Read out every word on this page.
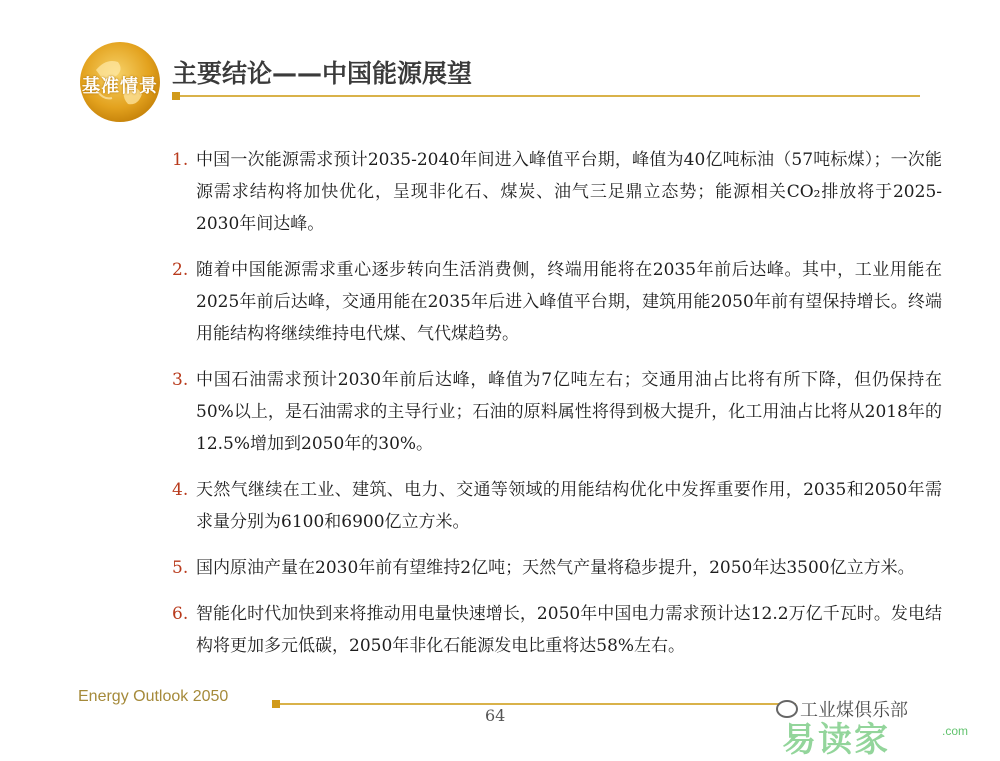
基准情景 主要结论——中国能源展望
1. 中国一次能源需求预计2035-2040年间进入峰值平台期，峰值为40亿吨标油（57吨标煤）；一次能源需求结构将加快优化，呈现非化石、煤炭、油气三足鼎立态势；能源相关CO₂排放将于2025-2030年间达峰。
2. 随着中国能源需求重心逐步转向生活消费侧，终端用能将在2035年前后达峰。其中，工业用能在2025年前后达峰，交通用能在2035年后进入峰值平台期，建筑用能2050年前有望保持增长。终端用能结构将继续维持电代煤、气代煤趋势。
3. 中国石油需求预计2030年前后达峰，峰值为7亿吨左右；交通用油占比将有所下降，但仍保持在50%以上，是石油需求的主导行业；石油的原料属性将得到极大提升，化工用油占比将从2018年的12.5%增加到2050年的30%。
4. 天然气继续在工业、建筑、电力、交通等领域的用能结构优化中发挥重要作用，2035和2050年需求量分别为6100和6900亿立方米。
5. 国内原油产量在2030年前有望维持2亿吨；天然气产量将稳步提升，2050年达3500亿立方米。
6. 智能化时代加快到来将推动用电量快速增长，2050年中国电力需求预计达12.2万亿千瓦时。发电结构将更加多元低碳，2050年非化石能源发电比重将达58%左右。
Energy Outlook 2050
64	工业煤俱乐部
易读家	.com
